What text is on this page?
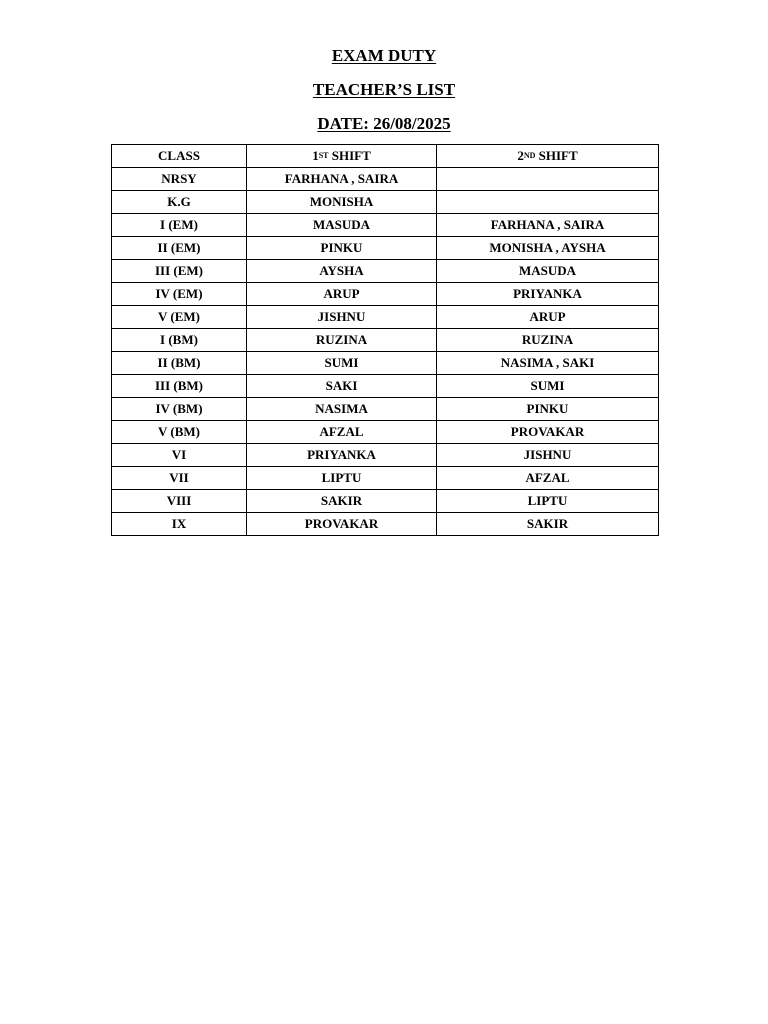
EXAM DUTY
TEACHER’S LIST
DATE: 26/08/2025
CLASS	1ST SHIFT	2ND SHIFT
NRSY	FARHANA , SAIRA	
K.G	MONISHA	
I (EM)	MASUDA	FARHANA , SAIRA
II (EM)	PINKU	MONISHA , AYSHA
III (EM)	AYSHA	MASUDA
IV (EM)	ARUP	PRIYANKA
V (EM)	JISHNU	ARUP
I (BM)	RUZINA	RUZINA
II (BM)	SUMI	NASIMA , SAKI
III (BM)	SAKI	SUMI
IV (BM)	NASIMA	PINKU
V (BM)	AFZAL	PROVAKAR
VI	PRIYANKA	JISHNU
VII	LIPTU	AFZAL
VIII	SAKIR	LIPTU
IX	PROVAKAR	SAKIR
